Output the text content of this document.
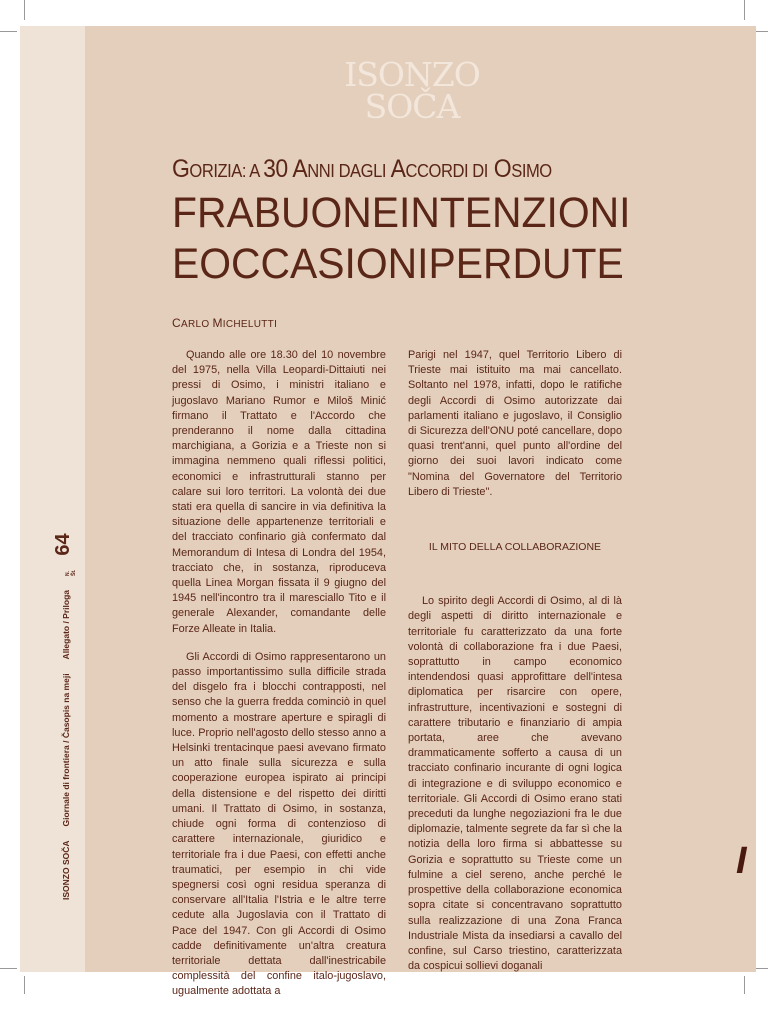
ISONZO
SOČA
GORIZIA: A 30 ANNI DAGLI ACCORDI DI OSIMO
FRA BUONE INTENZIONI
E OCCASIONI PERDUTE
CARLO MICHELUTTI

Quando alle ore 18.30 del 10 novembre del 1975, nella Villa Leopardi-Dittaiuti nei pressi di Osimo, i ministri italiano e jugoslavo Mariano Rumor e Miloš Minić firmano il Trattato e l'Accordo che prenderanno il nome dalla cittadina marchigiana, a Gorizia e a Trieste non si immagina nemmeno quali riflessi politici, economici e infrastrutturali stanno per calare sui loro territori. La volontà dei due stati era quella di sancire in via definitiva la situazione delle appartenenze territoriali e del tracciato confinario già confermato dal Memorandum di Intesa di Londra del 1954, tracciato che, in sostanza, riproduceva quella Linea Morgan fissata il 9 giugno del 1945 nell'incontro tra il maresciallo Tito e il generale Alexander, comandante delle Forze Alleate in Italia.

Gli Accordi di Osimo rappresentarono un passo importantissimo sulla difficile strada del disgelo fra i blocchi contrapposti, nel senso che la guerra fredda cominciò in quel momento a mostrare aperture e spiragli di luce. Proprio nell'agosto dello stesso anno a Helsinki trentacinque paesi avevano firmato un atto finale sulla sicurezza e sulla cooperazione europea ispirato ai principi della distensione e del rispetto dei diritti umani. Il Trattato di Osimo, in sostanza, chiude ogni forma di contenzioso di carattere internazionale, giuridico e territoriale fra i due Paesi, con effetti anche traumatici, per esempio in chi vide spegnersi così ogni residua speranza di conservare all'Italia l'Istria e le altre terre cedute alla Jugoslavia con il Trattato di Pace del 1947. Con gli Accordi di Osimo cadde definitivamente un'altra creatura territoriale dettata dall'inestricabile complessità del confine italo-jugoslavo, ugualmente adottata a

Parigi nel 1947, quel Territorio Libero di Trieste mai istituito ma mai cancellato. Soltanto nel 1978, infatti, dopo le ratifiche degli Accordi di Osimo autorizzate dai parlamenti italiano e jugoslavo, il Consiglio di Sicurezza dell'ONU poté cancellare, dopo quasi trent'anni, quel punto all'ordine del giorno dei suoi lavori indicato come "Nomina del Governatore del Territorio Libero di Trieste".

IL MITO DELLA COLLABORAZIONE

Lo spirito degli Accordi di Osimo, al di là degli aspetti di diritto internazionale e territoriale fu caratterizzato da una forte volontà di collaborazione fra i due Paesi, soprattutto in campo economico intendendosi quasi approfittare dell'intesa diplomatica per risarcire con opere, infrastrutture, incentivazioni e sostegni di carattere tributario e finanziario di ampia portata, aree che avevano drammaticamente sofferto a causa di un tracciato confinario incurante di ogni logica di integrazione e di sviluppo economico e territoriale. Gli Accordi di Osimo erano stati preceduti da lunghe negoziazioni fra le due diplomazie, talmente segrete da far sì che la notizia della loro firma si abbattesse su Gorizia e soprattutto su Trieste come un fulmine a ciel sereno, anche perché le prospettive della collaborazione economica sopra citate si concentravano soprattutto sulla realizzazione di una Zona Franca Industriale Mista da insediarsi a cavallo del confine, sul Carso triestino, caratterizzata da cospicui sollievi doganali

ISONZO SOČA
Giornale di frontiera / Časopis na meji
Allegato / Priloga
N.
Št.
64
I
